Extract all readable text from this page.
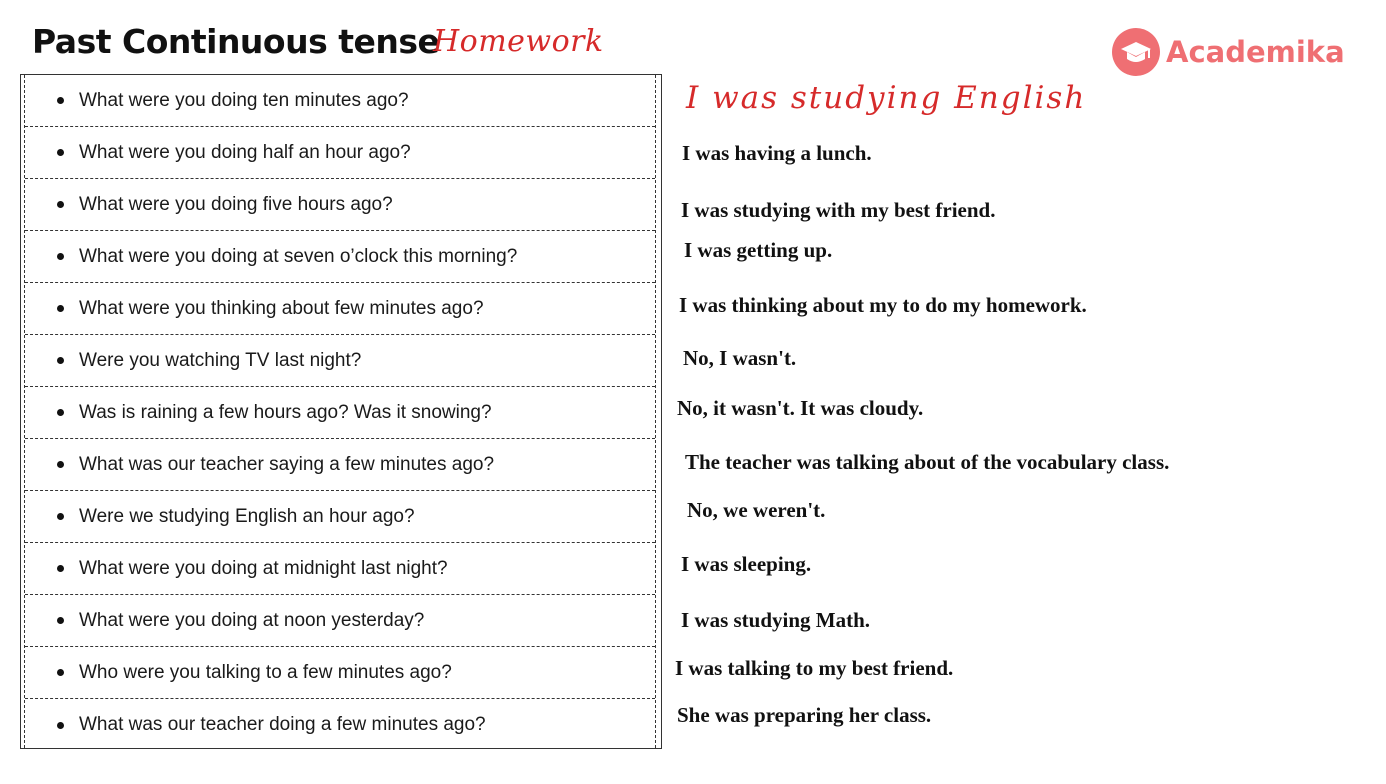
Past Continuous tense
Homework	Academika
What were you doing ten minutes ago?
What were you doing half an hour ago?
What were you doing five hours ago?
What were you doing at seven o’clock this morning?
What were you thinking about few minutes ago?
Were you watching TV last night?
Was is raining a few hours ago? Was it snowing?
What was our teacher saying a few minutes ago?
Were we studying English an hour ago?
What were you doing at midnight last night?
What were you doing at noon yesterday?
Who were you talking to a few minutes ago?
What was our teacher doing a few minutes ago?
I was studying English
I was having a lunch.
I was studying with my best friend.
I was getting up.
I was thinking about my to do my homework.
No, I wasn't.
No, it wasn't. It was cloudy.
The teacher was talking about of the vocabulary class.
No, we weren't.
I was sleeping.
I was studying Math.
I was talking to my best friend.
She was preparing her class.
